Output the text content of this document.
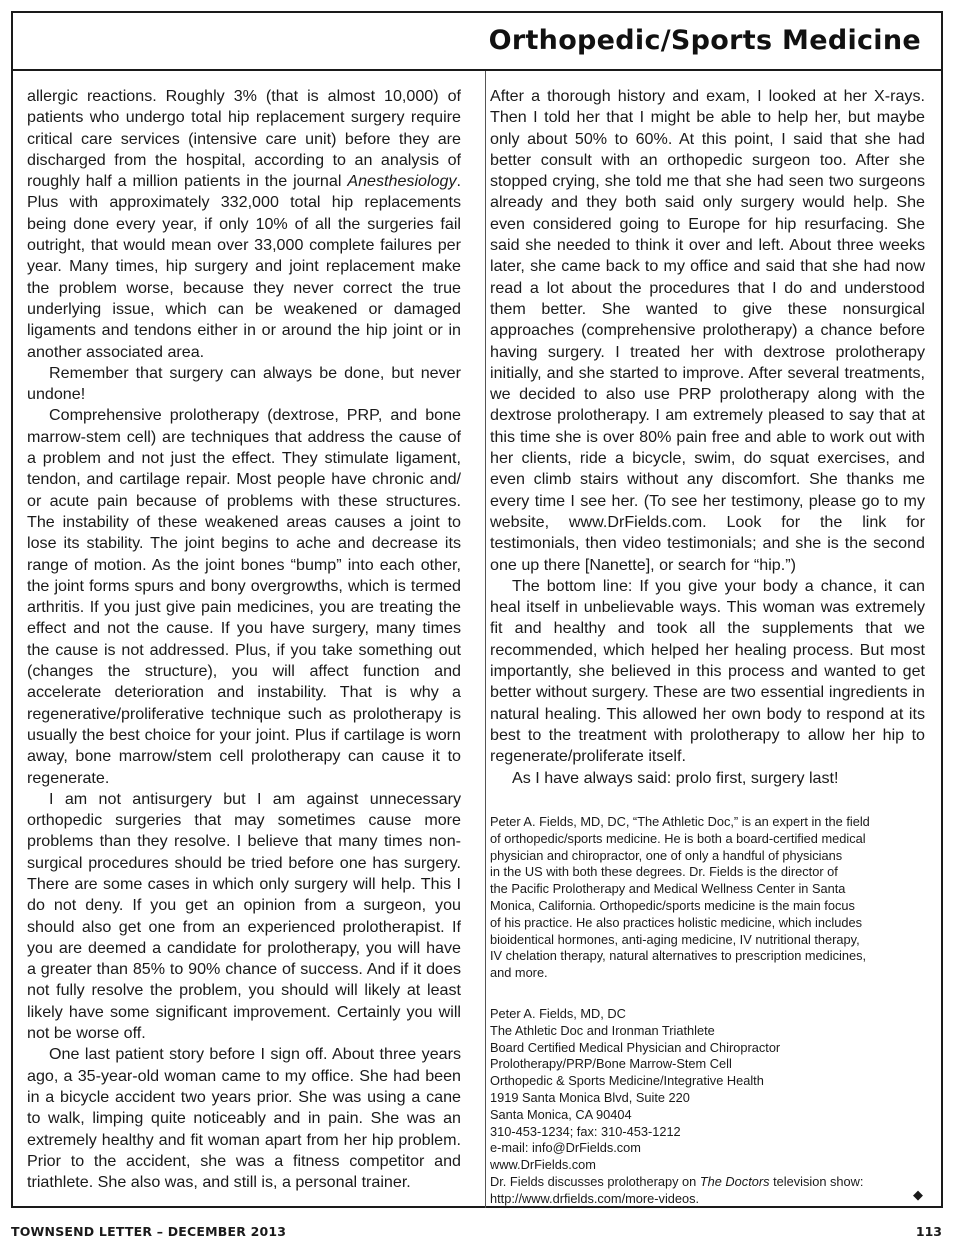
Orthopedic/Sports Medicine

allergic reactions. Roughly 3% (that is almost 10,000) of patients who undergo total hip replacement surgery require critical care services (intensive care unit) before they are discharged from the hospital, according to an analysis of roughly half a million patients in the journal Anesthesiology. Plus with approximately 332,000 total hip replacements being done every year, if only 10% of all the surgeries fail outright, that would mean over 33,000 complete failures per year. Many times, hip surgery and joint replacement make the problem worse, because they never correct the true underlying issue, which can be weakened or damaged ligaments and tendons either in or around the hip joint or in another associated area.

Remember that surgery can always be done, but never undone!

Comprehensive prolotherapy (dextrose, PRP, and bone marrow-stem cell) are techniques that address the cause of a problem and not just the effect. They stimulate ligament, tendon, and cartilage repair. Most people have chronic and/ or acute pain because of problems with these structures. The instability of these weakened areas causes a joint to lose its stability. The joint begins to ache and decrease its range of motion. As the joint bones “bump” into each other, the joint forms spurs and bony overgrowths, which is termed arthritis. If you just give pain medicines, you are treating the effect and not the cause. If you have surgery, many times the cause is not addressed. Plus, if you take something out (changes the structure), you will affect function and accelerate deterioration and instability. That is why a regenerative/proliferative technique such as prolotherapy is usually the best choice for your joint. Plus if cartilage is worn away, bone marrow/stem cell prolotherapy can cause it to regenerate.

I am not antisurgery but I am against unnecessary orthopedic surgeries that may sometimes cause more problems than they resolve. I believe that many times non-surgical procedures should be tried before one has surgery. There are some cases in which only surgery will help. This I do not deny. If you get an opinion from a surgeon, you should also get one from an experienced prolotherapist. If you are deemed a candidate for prolotherapy, you will have a greater than 85% to 90% chance of success. And if it does not fully resolve the problem, you should will likely at least likely have some significant improvement. Certainly you will not be worse off.

One last patient story before I sign off. About three years ago, a 35-year-old woman came to my office. She had been in a bicycle accident two years prior. She was using a cane to walk, limping quite noticeably and in pain. She was an extremely healthy and fit woman apart from her hip problem. Prior to the accident, she was a fitness competitor and triathlete. She also was, and still is, a personal trainer.

After a thorough history and exam, I looked at her X-rays. Then I told her that I might be able to help her, but maybe only about 50% to 60%. At this point, I said that she had better consult with an orthopedic surgeon too. After she stopped crying, she told me that she had seen two surgeons already and they both said only surgery would help. She even considered going to Europe for hip resurfacing. She said she needed to think it over and left. About three weeks later, she came back to my office and said that she had now read a lot about the procedures that I do and understood them better. She wanted to give these nonsurgical approaches (comprehensive prolotherapy) a chance before having surgery. I treated her with dextrose prolotherapy initially, and she started to improve. After several treatments, we decided to also use PRP prolotherapy along with the dextrose prolotherapy. I am extremely pleased to say that at this time she is over 80% pain free and able to work out with her clients, ride a bicycle, swim, do squat exercises, and even climb stairs without any discomfort. She thanks me every time I see her. (To see her testimony, please go to my website, www.DrFields.com. Look for the link for testimonials, then video testimonials; and she is the second one up there [Nanette], or search for “hip.”)

The bottom line: If you give your body a chance, it can heal itself in unbelievable ways. This woman was extremely fit and healthy and took all the supplements that we recommended, which helped her healing process. But most importantly, she believed in this process and wanted to get better without surgery. These are two essential ingredients in natural healing. This allowed her own body to respond at its best to the treatment with prolotherapy to allow her hip to regenerate/proliferate itself.

As I have always said: prolo first, surgery last!

Peter A. Fields, MD, DC, “The Athletic Doc,” is an expert in the field
of orthopedic/sports medicine. He is both a board-certified medical
physician and chiropractor, one of only a handful of physicians
in the US with both these degrees. Dr. Fields is the director of
the Pacific Prolotherapy and Medical Wellness Center in Santa
Monica, California. Orthopedic/sports medicine is the main focus
of his practice. He also practices holistic medicine, which includes
bioidentical hormones, anti-aging medicine, IV nutritional therapy,
IV chelation therapy, natural alternatives to prescription medicines,
and more.
Peter A. Fields, MD, DC
The Athletic Doc and Ironman Triathlete
Board Certified Medical Physician and Chiropractor
Prolotherapy/PRP/Bone Marrow-Stem Cell
Orthopedic & Sports Medicine/Integrative Health
1919 Santa Monica Blvd, Suite 220
Santa Monica, CA 90404
310-453-1234; fax: 310-453-1212
e-mail: info@DrFields.com
www.DrFields.com
Dr. Fields discusses prolotherapy on The Doctors television show:
http://www.drfields.com/more-videos.	◆
TOWNSEND LETTER – DECEMBER 2013	113
